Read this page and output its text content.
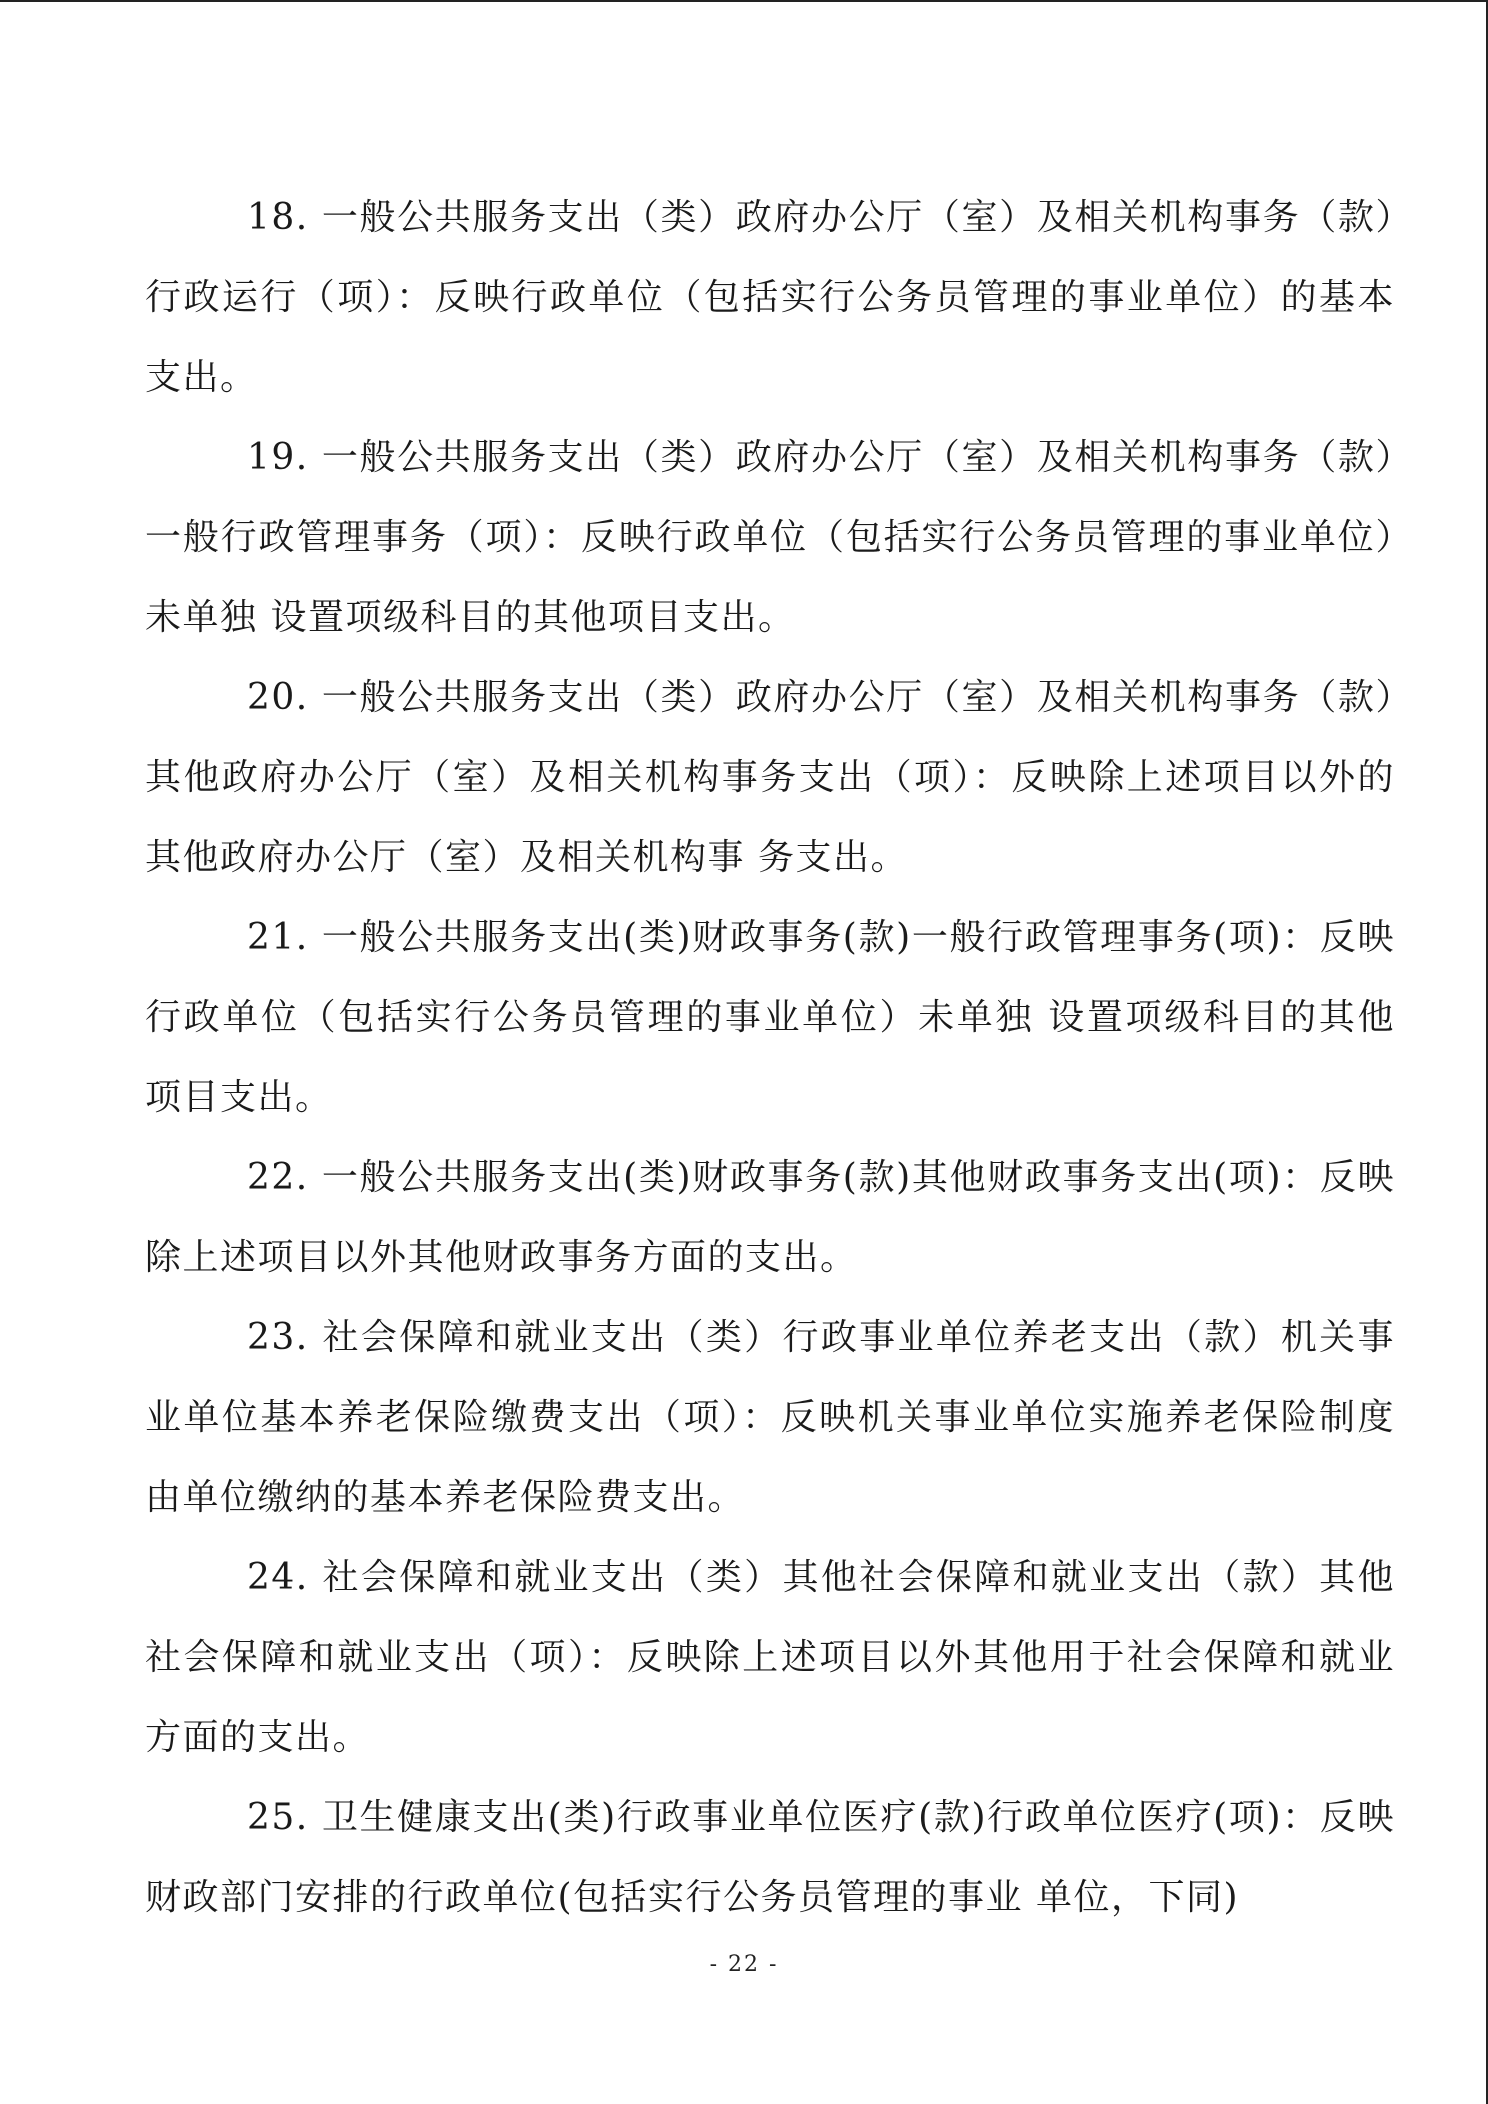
18. 一般公共服务支出（类）政府办公厅（室）及相关机构事务（款）行政运行（项）：反映行政单位（包括实行公务员管理的事业单位）的基本 支出。

19. 一般公共服务支出（类）政府办公厅（室）及相关机构事务（款）一般行政管理事务（项）：反映行政单位（包括实行公务员管理的事业单位）未单独 设置项级科目的其他项目支出。

20. 一般公共服务支出（类）政府办公厅（室）及相关机构事务（款）其他政府办公厅（室）及相关机构事务支出（项）：反映除上述项目以外的其他政府办公厅（室）及相关机构事 务支出。

21. 一般公共服务支出(类)财政事务(款)一般行政管理事务(项)：反映行政单位（包括实行公务员管理的事业单位）未单独 设置项级科目的其他项目支出。

22. 一般公共服务支出(类)财政事务(款)其他财政事务支出(项)：反映除上述项目以外其他财政事务方面的支出。

23. 社会保障和就业支出（类）行政事业单位养老支出（款）机关事业单位基本养老保险缴费支出（项）：反映机关事业单位实施养老保险制度由单位缴纳的基本养老保险费支出。

24. 社会保障和就业支出（类）其他社会保障和就业支出（款）其他社会保障和就业支出（项）：反映除上述项目以外其他用于社会保障和就业方面的支出。

25. 卫生健康支出(类)行政事业单位医疗(款)行政单位医疗(项)：反映财政部门安排的行政单位(包括实行公务员管理的事业 单位，下同)

- 22 -
